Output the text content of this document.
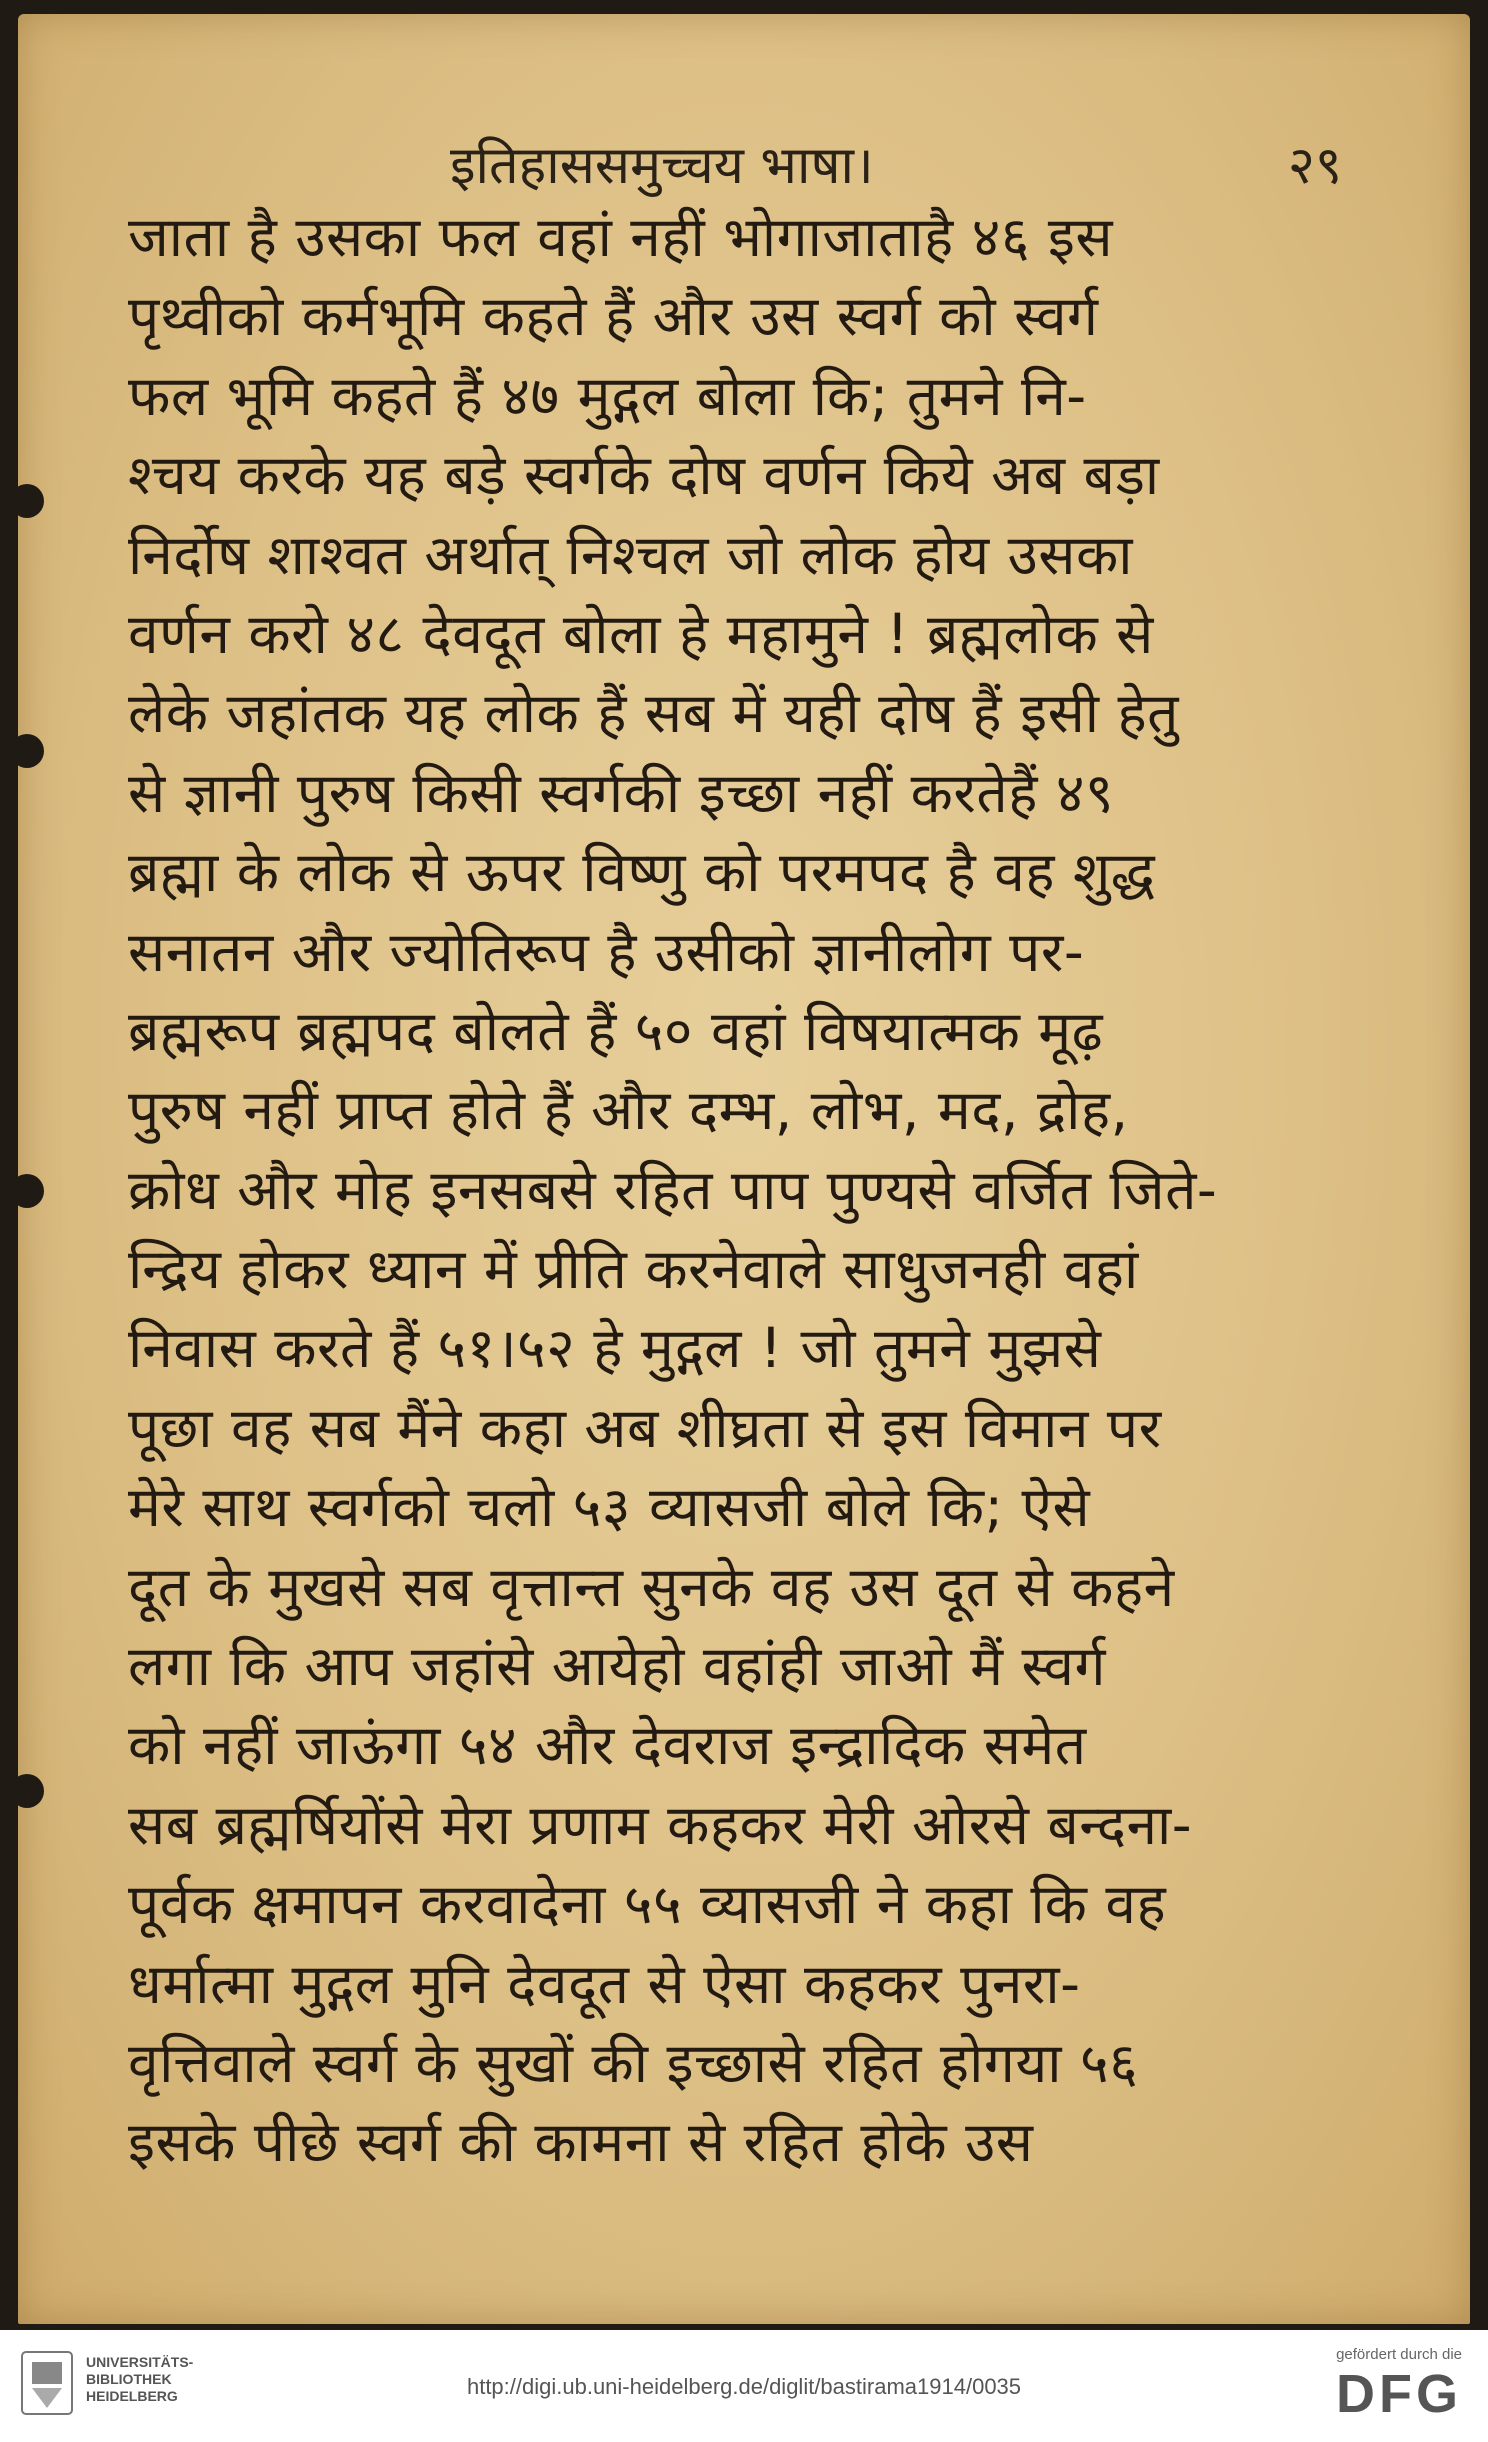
इतिहाससमुच्चय भाषा।	२९
जाता है उसका फल वहां नहीं भोगाजाताहै ४६ इस
पृथ्वीको कर्मभूमि कहते हैं और उस स्वर्ग को स्वर्ग
फल भूमि कहते हैं ४७ मुद्गल बोला कि; तुमने नि-
श्चय करके यह बड़े स्वर्गके दोष वर्णन किये अब बड़ा
निर्दोष शाश्वत अर्थात् निश्चल जो लोक होय उसका
वर्णन करो ४८ देवदूत बोला हे महामुने ! ब्रह्मलोक से
लेके जहांतक यह लोक हैं सब में यही दोष हैं इसी हेतु
से ज्ञानी पुरुष किसी स्वर्गकी इच्छा नहीं करतेहैं ४९
ब्रह्मा के लोक से ऊपर विष्णु को परमपद है वह शुद्ध
सनातन और ज्योतिरूप है उसीको ज्ञानीलोग पर-
ब्रह्मरूप ब्रह्मपद बोलते हैं ५० वहां विषयात्मक मूढ़
पुरुष नहीं प्राप्त होते हैं और दम्भ, लोभ, मद, द्रोह,
क्रोध और मोह इनसबसे रहित पाप पुण्यसे वर्जित जिते-
न्द्रिय होकर ध्यान में प्रीति करनेवाले साधुजनही वहां
निवास करते हैं ५१।५२ हे मुद्गल ! जो तुमने मुझसे
पूछा वह सब मैंने कहा अब शीघ्रता से इस विमान पर
मेरे साथ स्वर्गको चलो ५३ व्यासजी बोले कि; ऐसे
दूत के मुखसे सब वृत्तान्त सुनके वह उस दूत से कहने
लगा कि आप जहांसे आयेहो वहांही जाओ मैं स्वर्ग
को नहीं जाऊंगा ५४ और देवराज इन्द्रादिक समेत
सब ब्रह्मर्षियोंसे मेरा प्रणाम कहकर मेरी ओरसे बन्दना-
पूर्वक क्षमापन करवादेना ५५ व्यासजी ने कहा कि वह
धर्मात्मा मुद्गल मुनि देवदूत से ऐसा कहकर पुनरा-
वृत्तिवाले स्वर्ग के सुखों की इच्छासे रहित होगया ५६
इसके पीछे स्वर्ग की कामना से रहित होके उस
UNIVERSITÄTS-
BIBLIOTHEK
HEIDELBERG	http://digi.ub.uni-heidelberg.de/diglit/bastirama1914/0035
gefördert durch die
DFG
